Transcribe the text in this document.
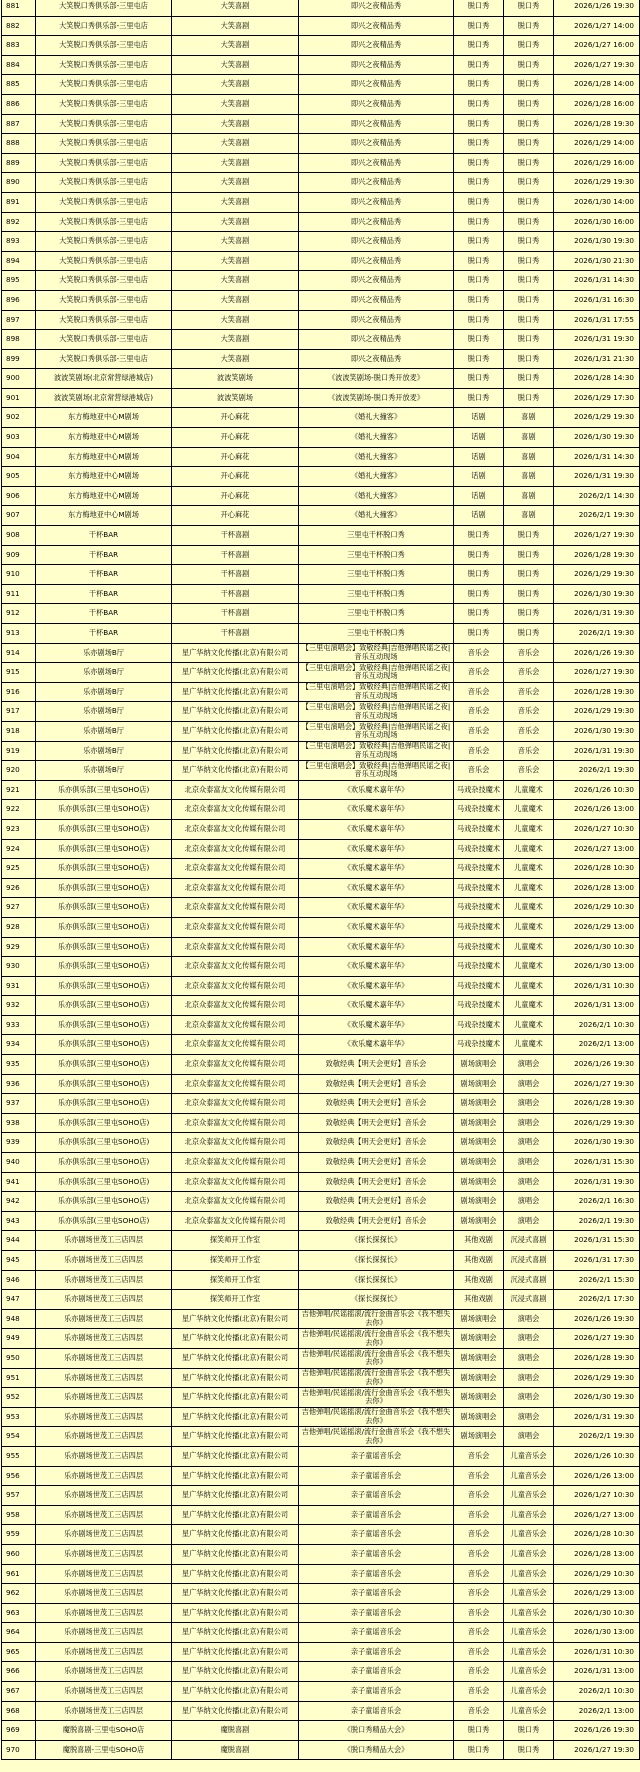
881	大笑脱口秀俱乐部-三里屯店	大笑喜剧	即兴之夜精品秀	脱口秀	脱口秀	2026/1/26 19:30
882	大笑脱口秀俱乐部-三里屯店	大笑喜剧	即兴之夜精品秀	脱口秀	脱口秀	2026/1/27 14:00
883	大笑脱口秀俱乐部-三里屯店	大笑喜剧	即兴之夜精品秀	脱口秀	脱口秀	2026/1/27 16:00
884	大笑脱口秀俱乐部-三里屯店	大笑喜剧	即兴之夜精品秀	脱口秀	脱口秀	2026/1/27 19:30
885	大笑脱口秀俱乐部-三里屯店	大笑喜剧	即兴之夜精品秀	脱口秀	脱口秀	2026/1/28 14:00
886	大笑脱口秀俱乐部-三里屯店	大笑喜剧	即兴之夜精品秀	脱口秀	脱口秀	2026/1/28 16:00
887	大笑脱口秀俱乐部-三里屯店	大笑喜剧	即兴之夜精品秀	脱口秀	脱口秀	2026/1/28 19:30
888	大笑脱口秀俱乐部-三里屯店	大笑喜剧	即兴之夜精品秀	脱口秀	脱口秀	2026/1/29 14:00
889	大笑脱口秀俱乐部-三里屯店	大笑喜剧	即兴之夜精品秀	脱口秀	脱口秀	2026/1/29 16:00
890	大笑脱口秀俱乐部-三里屯店	大笑喜剧	即兴之夜精品秀	脱口秀	脱口秀	2026/1/29 19:30
891	大笑脱口秀俱乐部-三里屯店	大笑喜剧	即兴之夜精品秀	脱口秀	脱口秀	2026/1/30 14:00
892	大笑脱口秀俱乐部-三里屯店	大笑喜剧	即兴之夜精品秀	脱口秀	脱口秀	2026/1/30 16:00
893	大笑脱口秀俱乐部-三里屯店	大笑喜剧	即兴之夜精品秀	脱口秀	脱口秀	2026/1/30 19:30
894	大笑脱口秀俱乐部-三里屯店	大笑喜剧	即兴之夜精品秀	脱口秀	脱口秀	2026/1/30 21:30
895	大笑脱口秀俱乐部-三里屯店	大笑喜剧	即兴之夜精品秀	脱口秀	脱口秀	2026/1/31 14:30
896	大笑脱口秀俱乐部-三里屯店	大笑喜剧	即兴之夜精品秀	脱口秀	脱口秀	2026/1/31 16:30
897	大笑脱口秀俱乐部-三里屯店	大笑喜剧	即兴之夜精品秀	脱口秀	脱口秀	2026/1/31 17:55
898	大笑脱口秀俱乐部-三里屯店	大笑喜剧	即兴之夜精品秀	脱口秀	脱口秀	2026/1/31 19:30
899	大笑脱口秀俱乐部-三里屯店	大笑喜剧	即兴之夜精品秀	脱口秀	脱口秀	2026/1/31 21:30
900	波波笑剧场(北京常营绿港城店)	波波笑剧场	《波波笑剧场-脱口秀开放麦》	脱口秀	脱口秀	2026/1/28 14:30
901	波波笑剧场(北京常营绿港城店)	波波笑剧场	《波波笑剧场-脱口秀开放麦》	脱口秀	脱口秀	2026/1/29 17:30
902	东方梅地亚中心M剧场	开心麻花	《婚礼大撞客》	话剧	喜剧	2026/1/29 19:30
903	东方梅地亚中心M剧场	开心麻花	《婚礼大撞客》	话剧	喜剧	2026/1/30 19:30
904	东方梅地亚中心M剧场	开心麻花	《婚礼大撞客》	话剧	喜剧	2026/1/31 14:30
905	东方梅地亚中心M剧场	开心麻花	《婚礼大撞客》	话剧	喜剧	2026/1/31 19:30
906	东方梅地亚中心M剧场	开心麻花	《婚礼大撞客》	话剧	喜剧	2026/2/1 14:30
907	东方梅地亚中心M剧场	开心麻花	《婚礼大撞客》	话剧	喜剧	2026/2/1 19:30
908	干杯BAR	干杯喜剧	三里屯干杯脱口秀	脱口秀	脱口秀	2026/1/27 19:30
909	干杯BAR	干杯喜剧	三里屯干杯脱口秀	脱口秀	脱口秀	2026/1/28 19:30
910	干杯BAR	干杯喜剧	三里屯干杯脱口秀	脱口秀	脱口秀	2026/1/29 19:30
911	干杯BAR	干杯喜剧	三里屯干杯脱口秀	脱口秀	脱口秀	2026/1/30 19:30
912	干杯BAR	干杯喜剧	三里屯干杯脱口秀	脱口秀	脱口秀	2026/1/31 19:30
913	干杯BAR	干杯喜剧	三里屯干杯脱口秀	脱口秀	脱口秀	2026/2/1 19:30
914	乐亦剧场B厅	星广华纳文化传播(北京)有限公司	【三里屯演唱会】致敬经典|吉他弹唱民谣之夜|音乐互动现场	音乐会	音乐会	2026/1/26 19:30
915	乐亦剧场B厅	星广华纳文化传播(北京)有限公司	【三里屯演唱会】致敬经典|吉他弹唱民谣之夜|音乐互动现场	音乐会	音乐会	2026/1/27 19:30
916	乐亦剧场B厅	星广华纳文化传播(北京)有限公司	【三里屯演唱会】致敬经典|吉他弹唱民谣之夜|音乐互动现场	音乐会	音乐会	2026/1/28 19:30
917	乐亦剧场B厅	星广华纳文化传播(北京)有限公司	【三里屯演唱会】致敬经典|吉他弹唱民谣之夜|音乐互动现场	音乐会	音乐会	2026/1/29 19:30
918	乐亦剧场B厅	星广华纳文化传播(北京)有限公司	【三里屯演唱会】致敬经典|吉他弹唱民谣之夜|音乐互动现场	音乐会	音乐会	2026/1/30 19:30
919	乐亦剧场B厅	星广华纳文化传播(北京)有限公司	【三里屯演唱会】致敬经典|吉他弹唱民谣之夜|音乐互动现场	音乐会	音乐会	2026/1/31 19:30
920	乐亦剧场B厅	星广华纳文化传播(北京)有限公司	【三里屯演唱会】致敬经典|吉他弹唱民谣之夜|音乐互动现场	音乐会	音乐会	2026/2/1 19:30
921	乐亦俱乐部(三里屯SOHO店)	北京众泰富友文化传媒有限公司	《欢乐魔术嘉年华》	马戏杂技魔术	儿童魔术	2026/1/26 10:30
922	乐亦俱乐部(三里屯SOHO店)	北京众泰富友文化传媒有限公司	《欢乐魔术嘉年华》	马戏杂技魔术	儿童魔术	2026/1/26 13:00
923	乐亦俱乐部(三里屯SOHO店)	北京众泰富友文化传媒有限公司	《欢乐魔术嘉年华》	马戏杂技魔术	儿童魔术	2026/1/27 10:30
924	乐亦俱乐部(三里屯SOHO店)	北京众泰富友文化传媒有限公司	《欢乐魔术嘉年华》	马戏杂技魔术	儿童魔术	2026/1/27 13:00
925	乐亦俱乐部(三里屯SOHO店)	北京众泰富友文化传媒有限公司	《欢乐魔术嘉年华》	马戏杂技魔术	儿童魔术	2026/1/28 10:30
926	乐亦俱乐部(三里屯SOHO店)	北京众泰富友文化传媒有限公司	《欢乐魔术嘉年华》	马戏杂技魔术	儿童魔术	2026/1/28 13:00
927	乐亦俱乐部(三里屯SOHO店)	北京众泰富友文化传媒有限公司	《欢乐魔术嘉年华》	马戏杂技魔术	儿童魔术	2026/1/29 10:30
928	乐亦俱乐部(三里屯SOHO店)	北京众泰富友文化传媒有限公司	《欢乐魔术嘉年华》	马戏杂技魔术	儿童魔术	2026/1/29 13:00
929	乐亦俱乐部(三里屯SOHO店)	北京众泰富友文化传媒有限公司	《欢乐魔术嘉年华》	马戏杂技魔术	儿童魔术	2026/1/30 10:30
930	乐亦俱乐部(三里屯SOHO店)	北京众泰富友文化传媒有限公司	《欢乐魔术嘉年华》	马戏杂技魔术	儿童魔术	2026/1/30 13:00
931	乐亦俱乐部(三里屯SOHO店)	北京众泰富友文化传媒有限公司	《欢乐魔术嘉年华》	马戏杂技魔术	儿童魔术	2026/1/31 10:30
932	乐亦俱乐部(三里屯SOHO店)	北京众泰富友文化传媒有限公司	《欢乐魔术嘉年华》	马戏杂技魔术	儿童魔术	2026/1/31 13:00
933	乐亦俱乐部(三里屯SOHO店)	北京众泰富友文化传媒有限公司	《欢乐魔术嘉年华》	马戏杂技魔术	儿童魔术	2026/2/1 10:30
934	乐亦俱乐部(三里屯SOHO店)	北京众泰富友文化传媒有限公司	《欢乐魔术嘉年华》	马戏杂技魔术	儿童魔术	2026/2/1 13:00
935	乐亦俱乐部(三里屯SOHO店)	北京众泰富友文化传媒有限公司	致敬经典【明天会更好】音乐会	剧场演唱会	演唱会	2026/1/26 19:30
936	乐亦俱乐部(三里屯SOHO店)	北京众泰富友文化传媒有限公司	致敬经典【明天会更好】音乐会	剧场演唱会	演唱会	2026/1/27 19:30
937	乐亦俱乐部(三里屯SOHO店)	北京众泰富友文化传媒有限公司	致敬经典【明天会更好】音乐会	剧场演唱会	演唱会	2026/1/28 19:30
938	乐亦俱乐部(三里屯SOHO店)	北京众泰富友文化传媒有限公司	致敬经典【明天会更好】音乐会	剧场演唱会	演唱会	2026/1/29 19:30
939	乐亦俱乐部(三里屯SOHO店)	北京众泰富友文化传媒有限公司	致敬经典【明天会更好】音乐会	剧场演唱会	演唱会	2026/1/30 19:30
940	乐亦俱乐部(三里屯SOHO店)	北京众泰富友文化传媒有限公司	致敬经典【明天会更好】音乐会	剧场演唱会	演唱会	2026/1/31 15:30
941	乐亦俱乐部(三里屯SOHO店)	北京众泰富友文化传媒有限公司	致敬经典【明天会更好】音乐会	剧场演唱会	演唱会	2026/1/31 19:30
942	乐亦俱乐部(三里屯SOHO店)	北京众泰富友文化传媒有限公司	致敬经典【明天会更好】音乐会	剧场演唱会	演唱会	2026/2/1 16:30
943	乐亦俱乐部(三里屯SOHO店)	北京众泰富友文化传媒有限公司	致敬经典【明天会更好】音乐会	剧场演唱会	演唱会	2026/2/1 19:30
944	乐亦剧场世茂工三店四层	探笑师开工作室	《探长探探长》	其他戏剧	沉浸式喜剧	2026/1/31 15:30
945	乐亦剧场世茂工三店四层	探笑师开工作室	《探长探探长》	其他戏剧	沉浸式喜剧	2026/1/31 17:30
946	乐亦剧场世茂工三店四层	探笑师开工作室	《探长探探长》	其他戏剧	沉浸式喜剧	2026/2/1 15:30
947	乐亦剧场世茂工三店四层	探笑师开工作室	《探长探探长》	其他戏剧	沉浸式喜剧	2026/2/1 17:30
948	乐亦剧场世茂工三店四层	星广华纳文化传播(北京)有限公司	吉他弹唱/民谣摇滚/流行金曲音乐会《我不想失去你》	剧场演唱会	演唱会	2026/1/26 19:30
949	乐亦剧场世茂工三店四层	星广华纳文化传播(北京)有限公司	吉他弹唱/民谣摇滚/流行金曲音乐会《我不想失去你》	剧场演唱会	演唱会	2026/1/27 19:30
950	乐亦剧场世茂工三店四层	星广华纳文化传播(北京)有限公司	吉他弹唱/民谣摇滚/流行金曲音乐会《我不想失去你》	剧场演唱会	演唱会	2026/1/28 19:30
951	乐亦剧场世茂工三店四层	星广华纳文化传播(北京)有限公司	吉他弹唱/民谣摇滚/流行金曲音乐会《我不想失去你》	剧场演唱会	演唱会	2026/1/29 19:30
952	乐亦剧场世茂工三店四层	星广华纳文化传播(北京)有限公司	吉他弹唱/民谣摇滚/流行金曲音乐会《我不想失去你》	剧场演唱会	演唱会	2026/1/30 19:30
953	乐亦剧场世茂工三店四层	星广华纳文化传播(北京)有限公司	吉他弹唱/民谣摇滚/流行金曲音乐会《我不想失去你》	剧场演唱会	演唱会	2026/1/31 19:30
954	乐亦剧场世茂工三店四层	星广华纳文化传播(北京)有限公司	吉他弹唱/民谣摇滚/流行金曲音乐会《我不想失去你》	剧场演唱会	演唱会	2026/2/1 19:30
955	乐亦剧场世茂工三店四层	星广华纳文化传播(北京)有限公司	亲子童谣音乐会	音乐会	儿童音乐会	2026/1/26 10:30
956	乐亦剧场世茂工三店四层	星广华纳文化传播(北京)有限公司	亲子童谣音乐会	音乐会	儿童音乐会	2026/1/26 13:00
957	乐亦剧场世茂工三店四层	星广华纳文化传播(北京)有限公司	亲子童谣音乐会	音乐会	儿童音乐会	2026/1/27 10:30
958	乐亦剧场世茂工三店四层	星广华纳文化传播(北京)有限公司	亲子童谣音乐会	音乐会	儿童音乐会	2026/1/27 13:00
959	乐亦剧场世茂工三店四层	星广华纳文化传播(北京)有限公司	亲子童谣音乐会	音乐会	儿童音乐会	2026/1/28 10:30
960	乐亦剧场世茂工三店四层	星广华纳文化传播(北京)有限公司	亲子童谣音乐会	音乐会	儿童音乐会	2026/1/28 13:00
961	乐亦剧场世茂工三店四层	星广华纳文化传播(北京)有限公司	亲子童谣音乐会	音乐会	儿童音乐会	2026/1/29 10:30
962	乐亦剧场世茂工三店四层	星广华纳文化传播(北京)有限公司	亲子童谣音乐会	音乐会	儿童音乐会	2026/1/29 13:00
963	乐亦剧场世茂工三店四层	星广华纳文化传播(北京)有限公司	亲子童谣音乐会	音乐会	儿童音乐会	2026/1/30 10:30
964	乐亦剧场世茂工三店四层	星广华纳文化传播(北京)有限公司	亲子童谣音乐会	音乐会	儿童音乐会	2026/1/30 13:00
965	乐亦剧场世茂工三店四层	星广华纳文化传播(北京)有限公司	亲子童谣音乐会	音乐会	儿童音乐会	2026/1/31 10:30
966	乐亦剧场世茂工三店四层	星广华纳文化传播(北京)有限公司	亲子童谣音乐会	音乐会	儿童音乐会	2026/1/31 13:00
967	乐亦剧场世茂工三店四层	星广华纳文化传播(北京)有限公司	亲子童谣音乐会	音乐会	儿童音乐会	2026/2/1 10:30
968	乐亦剧场世茂工三店四层	星广华纳文化传播(北京)有限公司	亲子童谣音乐会	音乐会	儿童音乐会	2026/2/1 13:00
969	魔脱喜剧-三里屯SOHO店	魔脱喜剧	《脱口秀精品大会》	脱口秀	脱口秀	2026/1/26 19:30
970	魔脱喜剧-三里屯SOHO店	魔脱喜剧	《脱口秀精品大会》	脱口秀	脱口秀	2026/1/27 19:30
